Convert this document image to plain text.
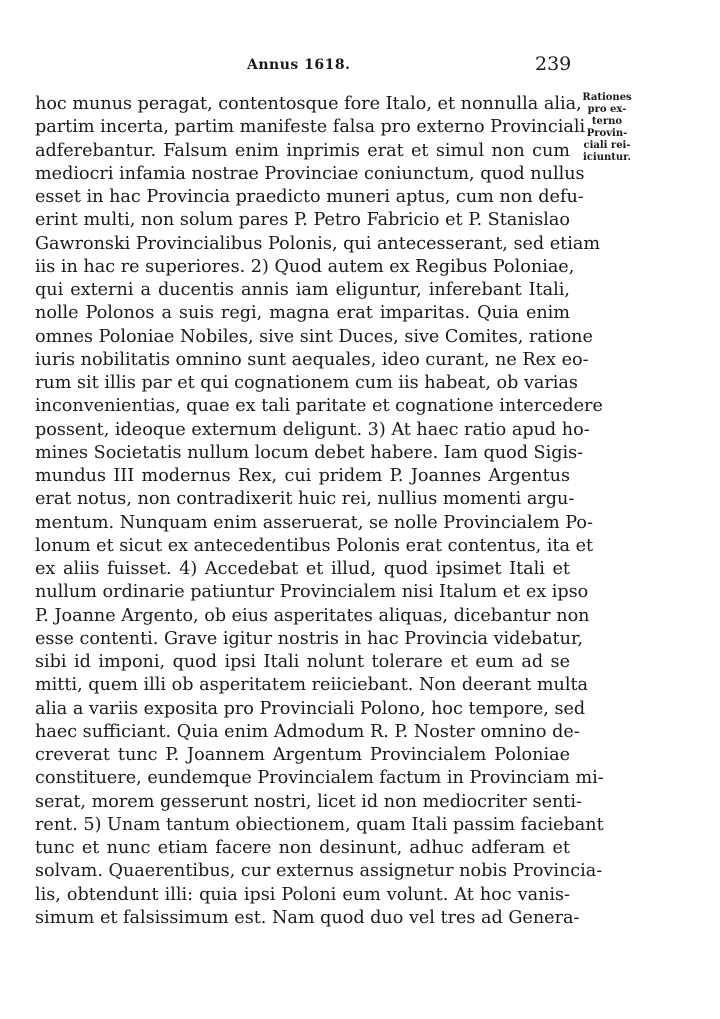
Annus 1618.	239
hoc munus peragat, contentosque fore Italo, et nonnulla alia,
partim incerta, partim manifeste falsa pro externo Provinciali
adferebantur. Falsum enim inprimis erat et simul non cum
mediocri infamia nostrae Provinciae coniunctum, quod nullus
esset in hac Provincia praedicto muneri aptus, cum non defu-
erint multi, non solum pares P. Petro Fabricio et P. Stanislao
Gawronski Provincialibus Polonis, qui antecesserant, sed etiam
iis in hac re superiores. 2) Quod autem ex Regibus Poloniae,
qui externi a ducentis annis iam eliguntur, inferebant Itali,
nolle Polonos a suis regi, magna erat imparitas. Quia enim
omnes Poloniae Nobiles, sive sint Duces, sive Comites, ratione
iuris nobilitatis omnino sunt aequales, ideo curant, ne Rex eo-
rum sit illis par et qui cognationem cum iis habeat, ob varias
inconvenientias, quae ex tali paritate et cognatione intercedere
possent, ideoque externum deligunt. 3) At haec ratio apud ho-
mines Societatis nullum locum debet habere. Iam quod Sigis-
mundus III modernus Rex, cui pridem P. Joannes Argentus
erat notus, non contradixerit huic rei, nullius momenti argu-
mentum. Nunquam enim asseruerat, se nolle Provincialem Po-
lonum et sicut ex antecedentibus Polonis erat contentus, ita et
ex aliis fuisset. 4) Accedebat et illud, quod ipsimet Itali et
nullum ordinarie patiuntur Provincialem nisi Italum et ex ipso
P. Joanne Argento, ob eius asperitates aliquas, dicebantur non
esse contenti. Grave igitur nostris in hac Provincia videbatur,
sibi id imponi, quod ipsi Itali nolunt tolerare et eum ad se
mitti, quem illi ob asperitatem reiiciebant. Non deerant multa
alia a variis exposita pro Provinciali Polono, hoc tempore, sed
haec sufficiant. Quia enim Admodum R. P. Noster omnino de-
creverat tunc P. Joannem Argentum Provincialem Poloniae
constituere, eundemque Provincialem factum in Provinciam mi-
serat, morem gesserunt nostri, licet id non mediocriter senti-
rent. 5) Unam tantum obiectionem, quam Itali passim faciebant
tunc et nunc etiam facere non desinunt, adhuc adferam et
solvam. Quaerentibus, cur externus assignetur nobis Provincia-
lis, obtendunt illi: quia ipsi Poloni eum volunt. At hoc vanis-
simum et falsissimum est. Nam quod duo vel tres ad Genera-
Rationes
pro ex-
terno
Provin-
ciali rei-
iciuntur.
